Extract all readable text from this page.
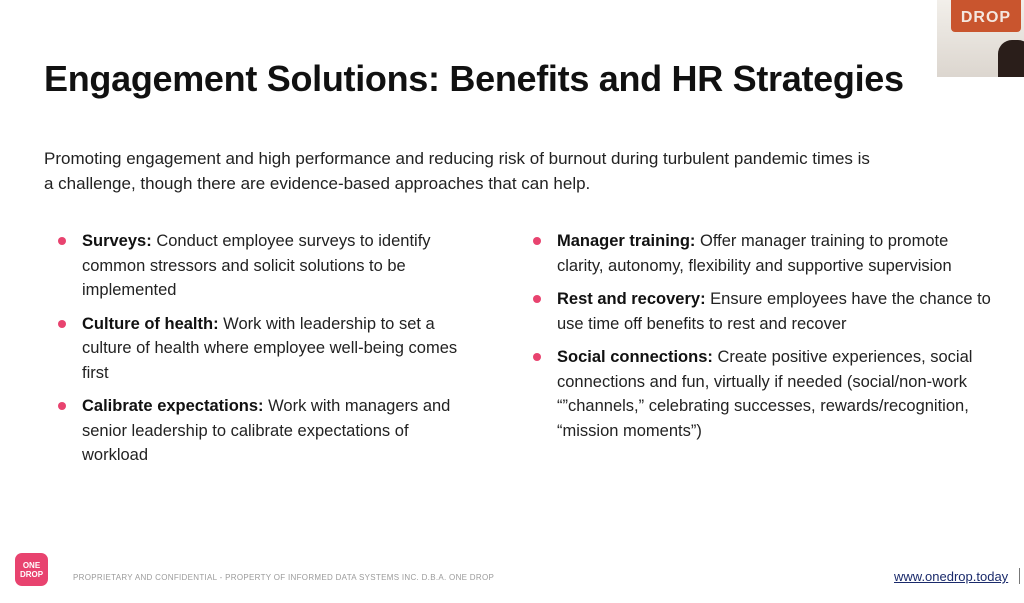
Engagement Solutions: Benefits and HR Strategies
Promoting engagement and high performance and reducing risk of burnout during turbulent pandemic times is a challenge, though there are evidence-based approaches that can help.
Surveys: Conduct employee surveys to identify common stressors and solicit solutions to be implemented
Culture of health: Work with leadership to set a culture of health where employee well-being comes first
Calibrate expectations: Work with managers and senior leadership to calibrate expectations of workload
Manager training: Offer manager training to promote clarity, autonomy, flexibility and supportive supervision
Rest and recovery: Ensure employees have the chance to use time off benefits to rest and recover
Social connections: Create positive experiences, social connections and fun, virtually if needed (social/non-work “”channels,” celebrating successes, rewards/recognition, “mission moments”)
DROP
ONE
DROP	PROPRIETARY AND CONFIDENTIAL - PROPERTY OF INFORMED DATA SYSTEMS INC. D.B.A. ONE DROP	www.onedrop.today
